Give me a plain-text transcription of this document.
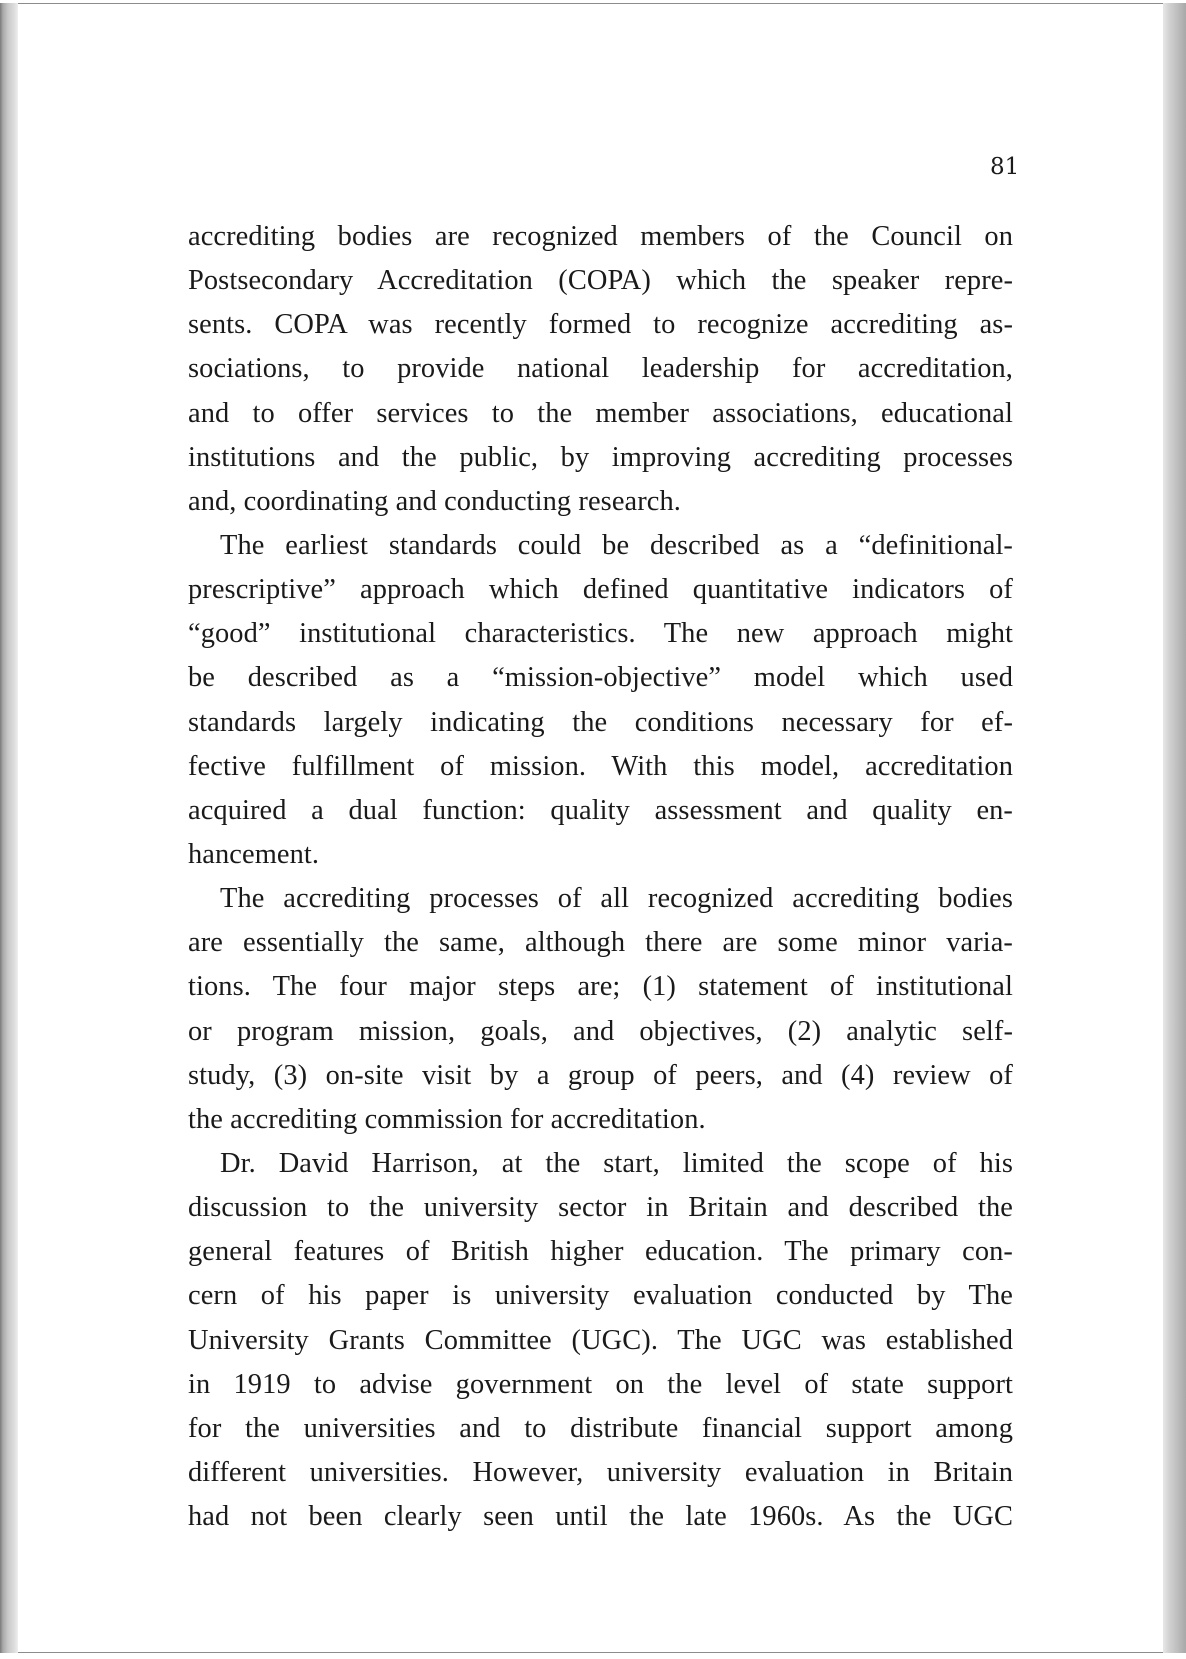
81
accrediting bodies are recognized members of the Council on
Postsecondary Accreditation (COPA) which the speaker repre-
sents. COPA was recently formed to recognize accrediting as-
sociations, to provide national leadership for accreditation,
and to offer services to the member associations, educational
institutions and the public, by improving accrediting processes
and, coordinating and conducting research.
The earliest standards could be described as a “definitional-
prescriptive” approach which defined quantitative indicators of
“good” institutional characteristics. The new approach might
be described as a “mission-objective” model which used
standards largely indicating the conditions necessary for ef-
fective fulfillment of mission. With this model, accreditation
acquired a dual function: quality assessment and quality en-
hancement.
The accrediting processes of all recognized accrediting bodies
are essentially the same, although there are some minor varia-
tions. The four major steps are; (1) statement of institutional
or program mission, goals, and objectives, (2) analytic self-
study, (3) on-site visit by a group of peers, and (4) review of
the accrediting commission for accreditation.
Dr. David Harrison, at the start, limited the scope of his
discussion to the university sector in Britain and described the
general features of British higher education. The primary con-
cern of his paper is university evaluation conducted by The
University Grants Committee (UGC). The UGC was established
in 1919 to advise government on the level of state support
for the universities and to distribute financial support among
different universities. However, university evaluation in Britain
had not been clearly seen until the late 1960s. As the UGC
